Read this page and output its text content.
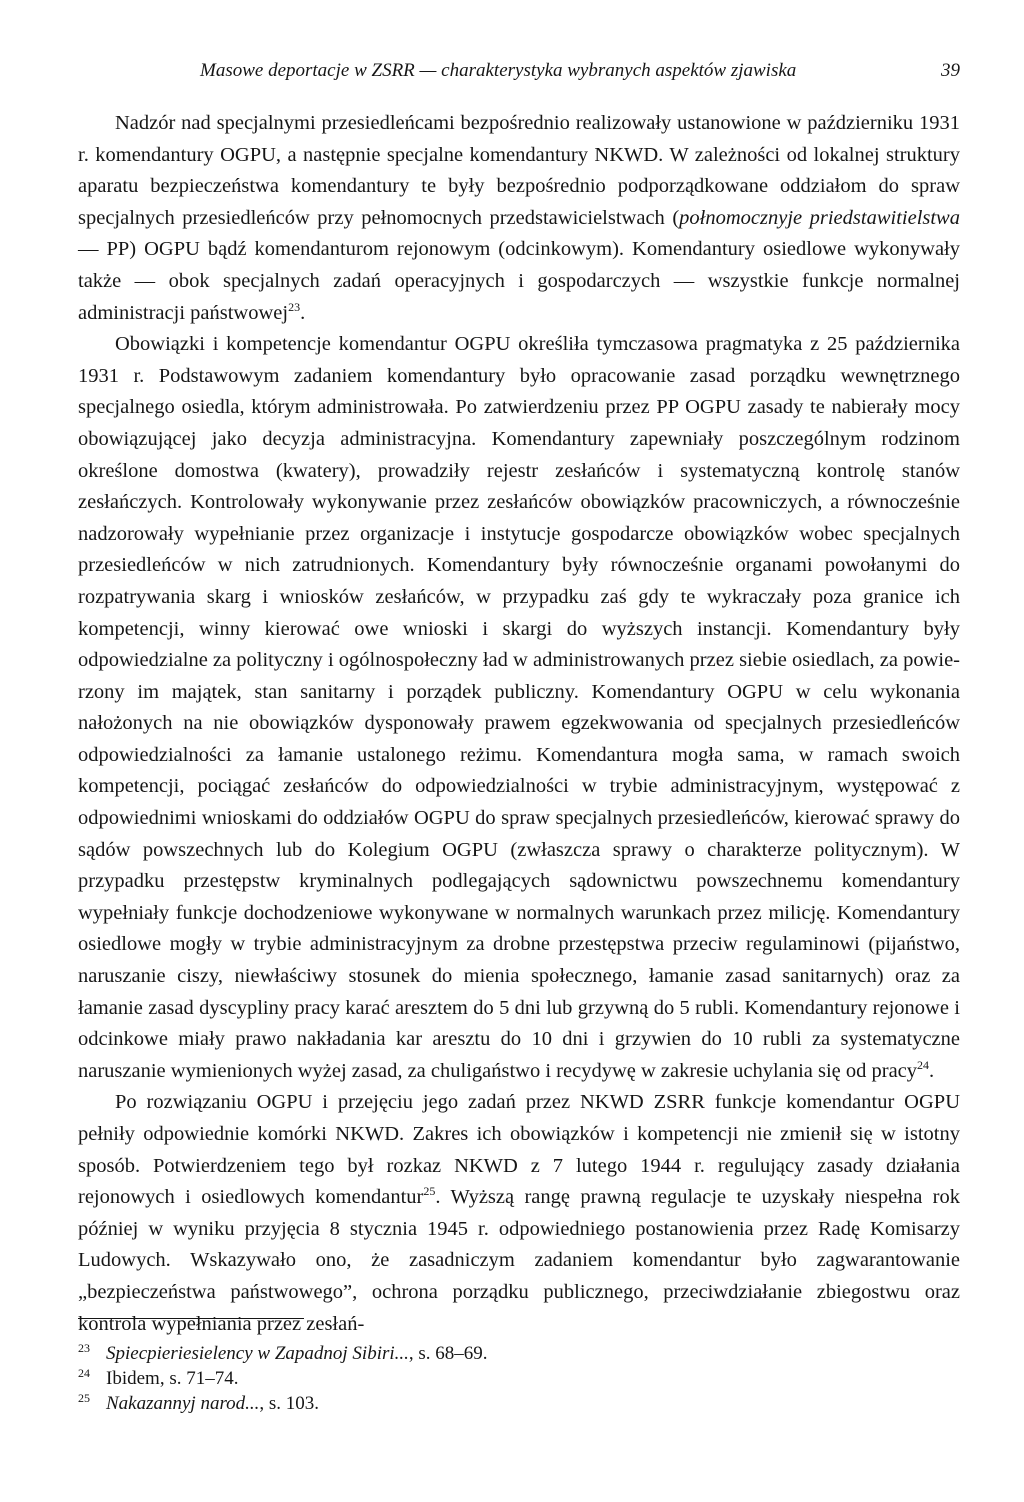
Masowe deportacje w ZSRR — charakterystyka wybranych aspektów zjawiska	39

Nadzór nad specjalnymi przesiedleńcami bezpośrednio realizowały ustanowione w październiku 1931 r. komendantury OGPU, a następnie specjalne komendantury NKWD. W zależności od lokalnej struktury aparatu bezpieczeństwa komendantury te były bezpośrednio podporządkowane oddziałom do spraw specjalnych przesiedleńców przy pełnomocnych przedstawicielstwach (połnomocznyje priedstawitielstwa — PP) OGPU bądź komendanturom rejonowym (odcinkowym). Komendantury osiedlowe wykonywały także — obok specjalnych zadań operacyjnych i gospodarczych — wszystkie funkcje normalnej administracji państwowej$^{23}$.

Obowiązki i kompetencje komendantur OGPU określiła tymczasowa pragmatyka z 25 października 1931 r. Podstawowym zadaniem komendantury było opracowanie zasad porządku wewnętrznego specjalnego osiedla, którym administrowała. Po zatwierdzeniu przez PP OGPU zasady te nabierały mocy obowiązującej jako decyzja administracyjna. Komendantury zapewniały poszczególnym rodzinom określone domostwa (kwatery), prowadziły rejestr zesłańców i systematyczną kontrolę stanów zesłańczych. Kontrolowały wykonywanie przez zesłańców obowiązków pracowniczych, a równocześnie nadzorowały wypełnianie przez organizacje i instytucje gospodarcze obowiązków wobec specjalnych przesiedleńców w nich zatrudnionych. Komendantury były równocześnie organami powołanymi do rozpatrywania skarg i wniosków zesłańców, w przypadku zaś gdy te wykraczały poza granice ich kompetencji, winny kierować owe wnioski i skargi do wyższych instancji. Komendantury były odpowiedzialne za polityczny i ogólnospołeczny ład w administrowanych przez siebie osiedlach, za powierzony im majątek, stan sanitarny i porządek publiczny. Komendantury OGPU w celu wykonania nałożonych na nie obowiązków dysponowały prawem egzekwowania od specjalnych przesiedleńców odpowiedzialności za łamanie ustalonego reżimu. Komendantura mogła sama, w ramach swoich kompetencji, pociągać zesłańców do odpowiedzialności w trybie administracyjnym, występować z odpowiednimi wnioskami do oddziałów OGPU do spraw specjalnych przesiedleńców, kierować sprawy do sądów powszechnych lub do Kolegium OGPU (zwłaszcza sprawy o charakterze politycznym). W przypadku przestępstw kryminalnych podlegających sądownictwu powszechnemu komendantury wypełniały funkcje dochodzeniowe wykonywane w normalnych warunkach przez milicję. Komendantury osiedlowe mogły w trybie administracyjnym za drobne przestępstwa przeciw regulaminowi (pijaństwo, naruszanie ciszy, niewłaściwy stosunek do mienia społecznego, łamanie zasad sanitarnych) oraz za łamanie zasad dyscypliny pracy karać aresztem do 5 dni lub grzywną do 5 rubli. Komendantury rejonowe i odcinkowe miały prawo nakładania kar aresztu do 10 dni i grzywien do 10 rubli za systematyczne naruszanie wymienionych wyżej zasad, za chuligaństwo i recydywę w zakresie uchylania się od pracy$^{24}$.

Po rozwiązaniu OGPU i przejęciu jego zadań przez NKWD ZSRR funkcje komendantur OGPU pełniły odpowiednie komórki NKWD. Zakres ich obowiązków i kompetencji nie zmienił się w istotny sposób. Potwierdzeniem tego był rozkaz NKWD z 7 lutego 1944 r. regulujący zasady działania rejonowych i osiedlowych komendantur$^{25}$. Wyższą rangę prawną regulacje te uzyskały niespełna rok później w wyniku przyjęcia 8 stycznia 1945 r. odpowiedniego postanowienia przez Radę Komisarzy Ludowych. Wskazywało ono, że zasadniczym zadaniem komendantur było zagwarantowanie „bezpieczeństwa państwowego”, ochrona porządku publicznego, przeciwdziałanie zbiegostwu oraz kontrola wypełniania przez zesłań-

23 Spiecpieriesielency w Zapadnoj Sibiri..., s. 68–69.
24 Ibidem, s. 71–74.
25 Nakazannyj narod..., s. 103.
